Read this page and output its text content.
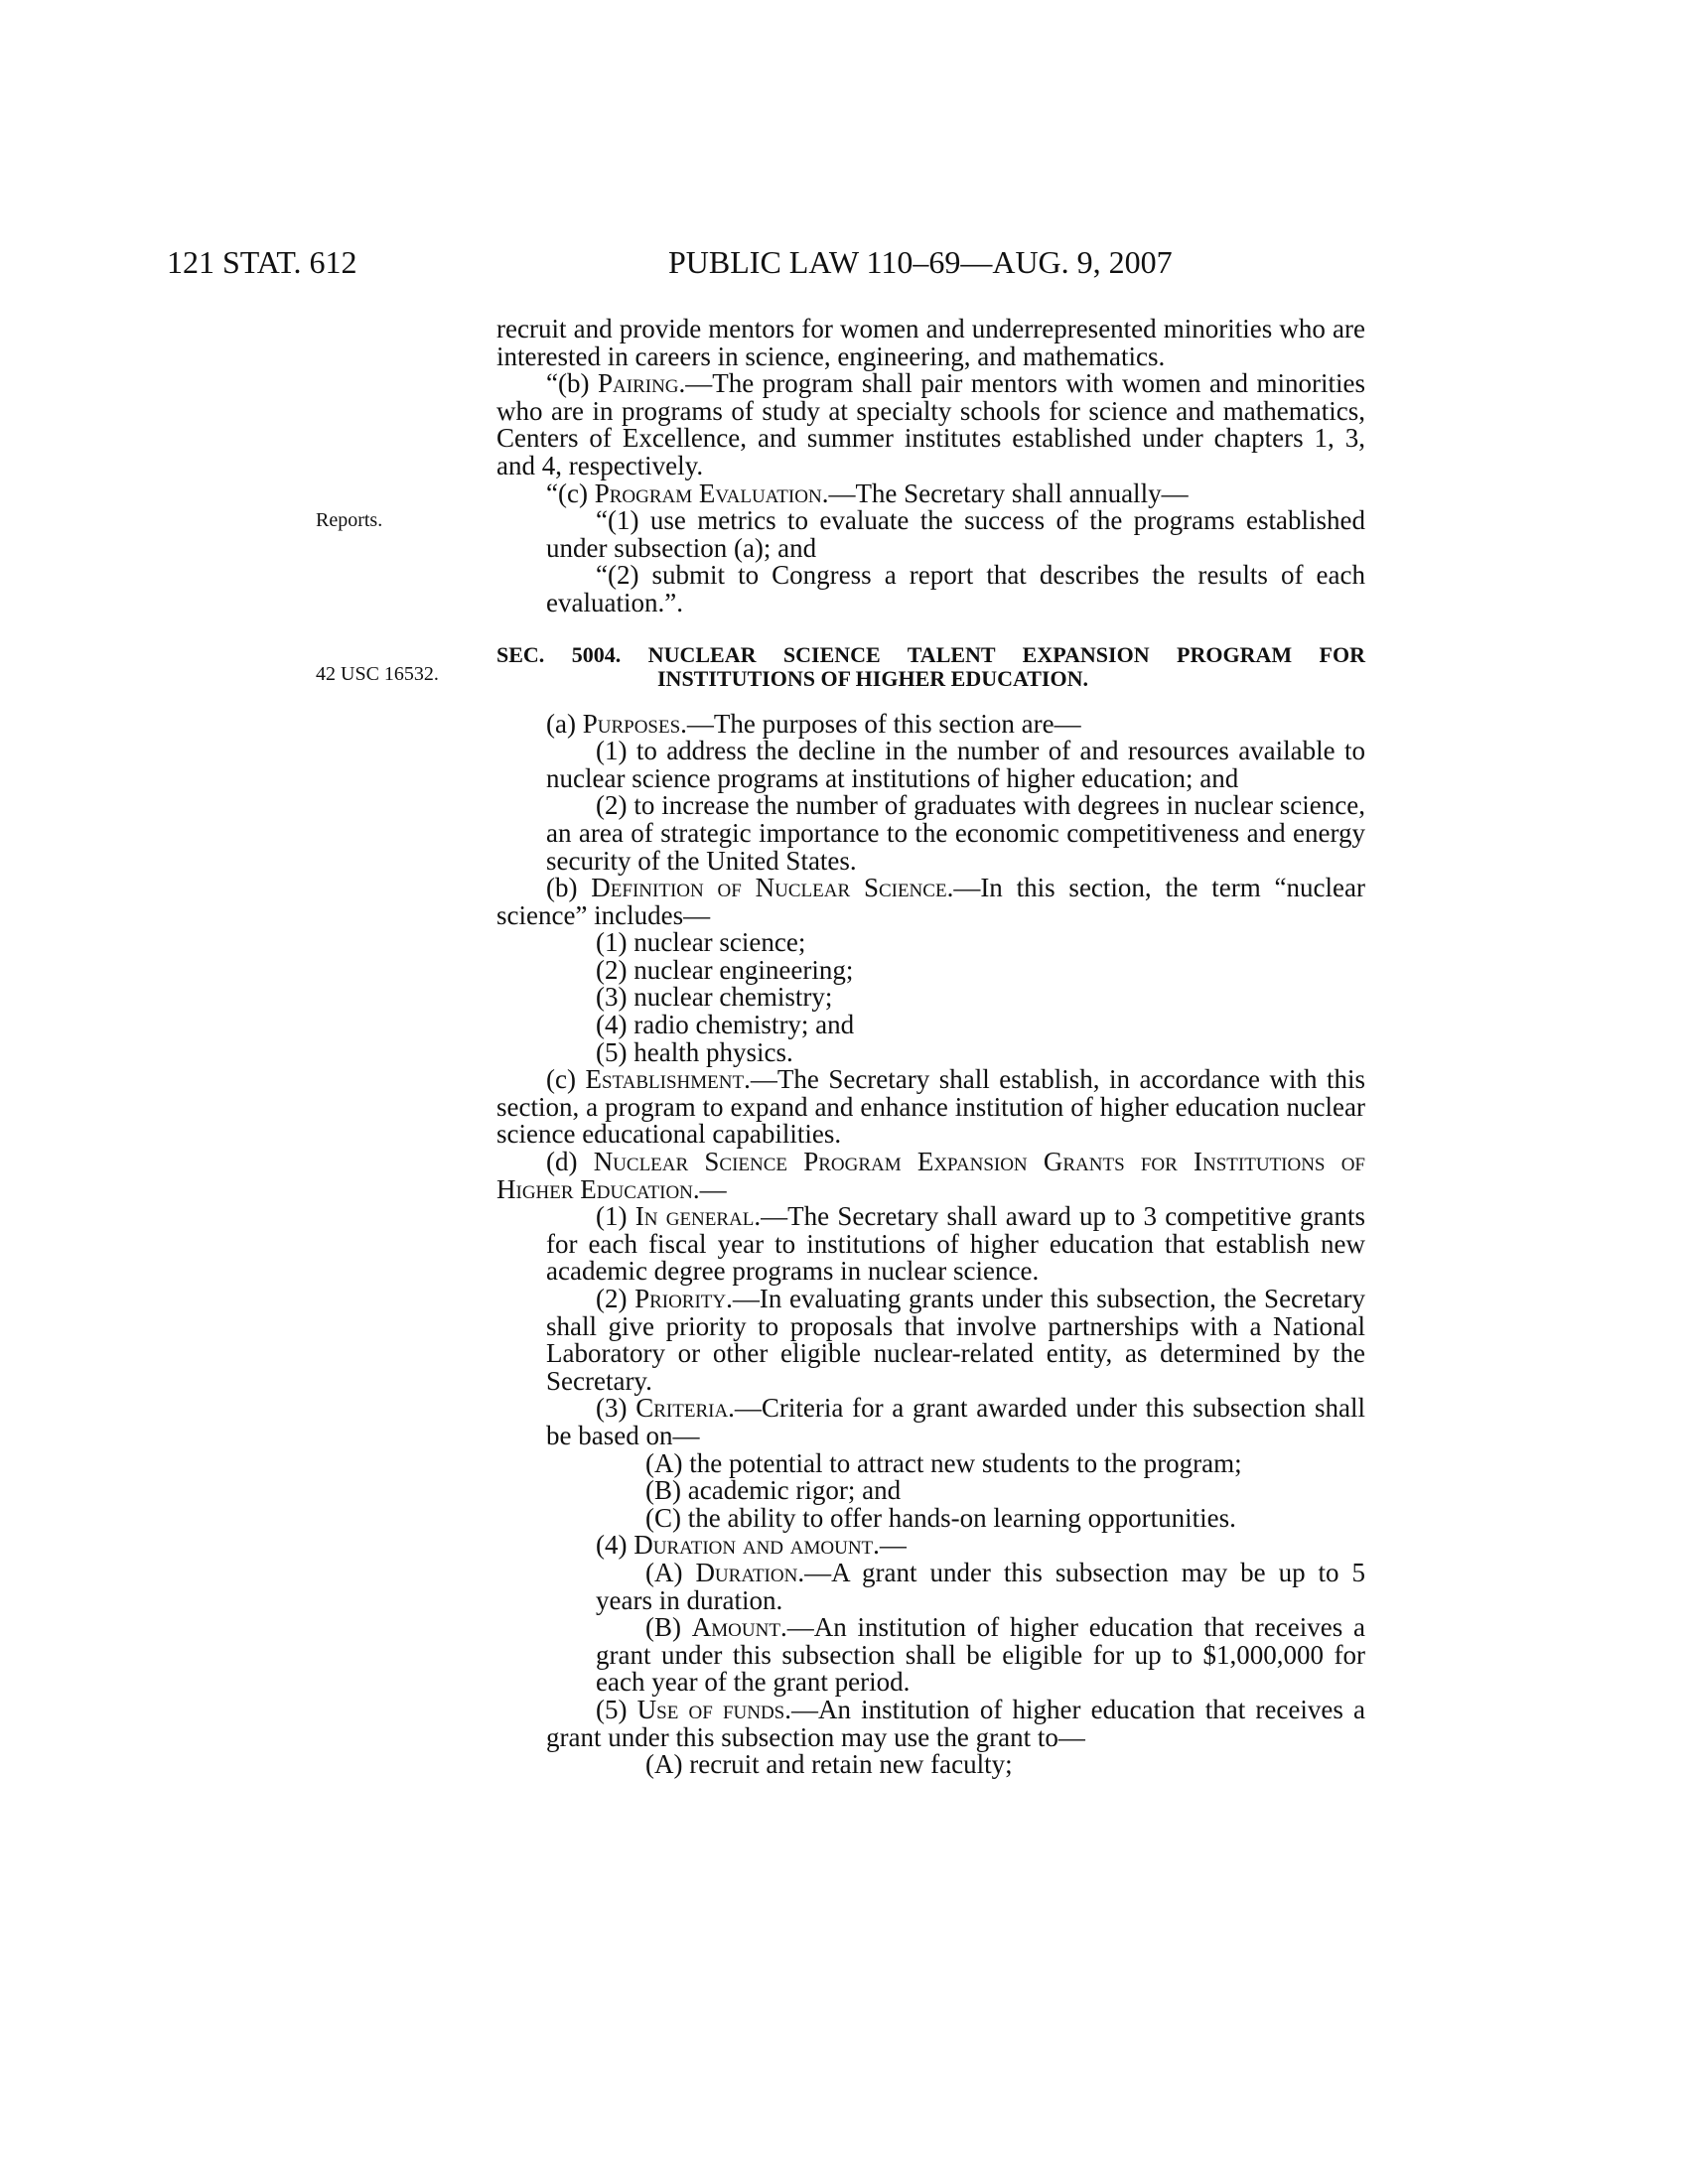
121 STAT. 612	PUBLIC LAW 110–69—AUG. 9, 2007
Reports.
42 USC 16532.

recruit and provide mentors for women and underrepresented minorities who are interested in careers in science, engineering, and mathematics.

“(b) Pairing.—The program shall pair mentors with women and minorities who are in programs of study at specialty schools for science and mathematics, Centers of Excellence, and summer institutes established under chapters 1, 3, and 4, respectively.

“(c) Program Evaluation.—The Secretary shall annually—

“(1) use metrics to evaluate the success of the programs established under subsection (a); and

“(2) submit to Congress a report that describes the results of each evaluation.”.

SEC. 5004. NUCLEAR SCIENCE TALENT EXPANSION PROGRAM FOR
INSTITUTIONS OF HIGHER EDUCATION.

(a) Purposes.—The purposes of this section are—

(1) to address the decline in the number of and resources available to nuclear science programs at institutions of higher education; and

(2) to increase the number of graduates with degrees in nuclear science, an area of strategic importance to the economic competitiveness and energy security of the United States.

(b) Definition of Nuclear Science.—In this section, the term “nuclear science” includes—

(1) nuclear science;

(2) nuclear engineering;

(3) nuclear chemistry;

(4) radio chemistry; and

(5) health physics.

(c) Establishment.—The Secretary shall establish, in accordance with this section, a program to expand and enhance institution of higher education nuclear science educational capabilities.

(d) Nuclear Science Program Expansion Grants for Institutions of Higher Education.—

(1) In general.—The Secretary shall award up to 3 competitive grants for each fiscal year to institutions of higher education that establish new academic degree programs in nuclear science.

(2) Priority.—In evaluating grants under this subsection, the Secretary shall give priority to proposals that involve partnerships with a National Laboratory or other eligible nuclear-related entity, as determined by the Secretary.

(3) Criteria.—Criteria for a grant awarded under this subsection shall be based on—

(A) the potential to attract new students to the program;

(B) academic rigor; and

(C) the ability to offer hands-on learning opportunities.

(4) Duration and amount.—

(A) Duration.—A grant under this subsection may be up to 5 years in duration.

(B) Amount.—An institution of higher education that receives a grant under this subsection shall be eligible for up to $1,000,000 for each year of the grant period.

(5) Use of funds.—An institution of higher education that receives a grant under this subsection may use the grant to—

(A) recruit and retain new faculty;
